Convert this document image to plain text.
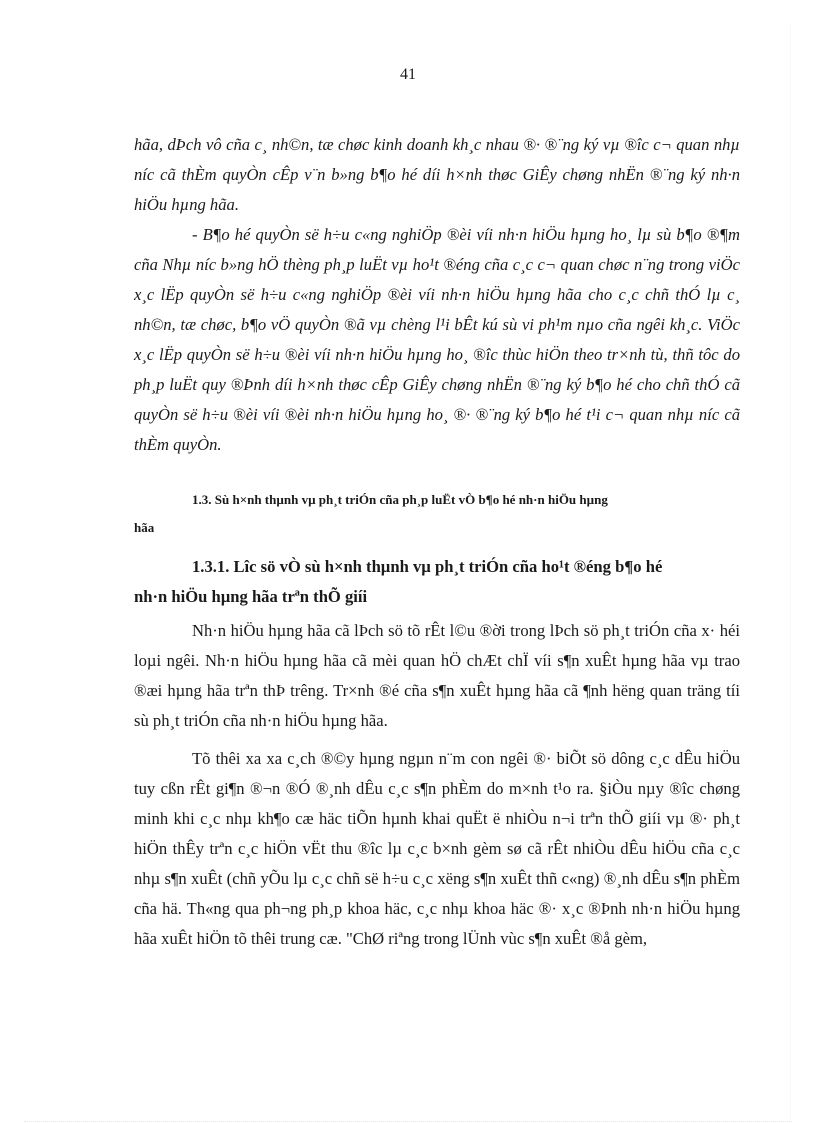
41

hãa, dÞch vô cña c¸ nh©n, tæ chøc kinh doanh kh¸c nhau ®· ®¨ng ký vµ ®îc c¬ quan nhµ níc cã thÈm quyÒn cÊp v¨n b»ng b¶o hé díi h×nh thøc GiÊy chøng nhËn ®¨ng ký nh·n hiÖu hµng hãa.

- B¶o hé quyÒn së h÷u c«ng nghiÖp ®èi víi nh·n hiÖu hµng ho¸ lµ sù b¶o ®¶m cña Nhµ níc b»ng hÖ thèng ph¸p luËt vµ ho¹t ®éng cña c¸c c¬ quan chøc n¨ng trong viÖc x¸c lËp quyÒn së h÷u c«ng nghiÖp ®èi víi nh·n hiÖu hµng hãa cho c¸c chñ thÓ lµ c¸ nh©n, tæ chøc, b¶o vÖ quyÒn ®ã vµ chèng l¹i bÊt kú sù vi ph¹m nµo cña ngêi kh¸c. ViÖc x¸c lËp quyÒn së h÷u ®èi víi nh·n hiÖu hµng ho¸ ®îc thùc hiÖn theo tr×nh tù, thñ tôc do ph¸p luËt quy ®Þnh díi h×nh thøc cÊp GiÊy chøng nhËn ®¨ng ký b¶o hé cho chñ thÓ cã quyÒn së h÷u ®èi víi ®èi nh·n hiÖu hµng ho¸ ®· ®¨ng ký b¶o hé t¹i c¬ quan nhµ níc cã thÈm quyÒn.

1.3. Sù h×nh thµnh vµ ph¸t triÓn cña ph¸p luËt vÒ b¶o hé nh·n hiÖu hµng
hãa
1.3.1. Lîc sö vÒ sù h×nh thµnh vµ ph¸t triÓn cña ho¹t ®éng b¶o hé
nh·n hiÖu hµng hãa trªn thÕ giíi

Nh·n hiÖu hµng hãa cã lÞch sö tõ rÊt l©u ®ời trong lÞch sö ph¸t triÓn cña x· héi loµi ngêi. Nh·n hiÖu hµng hãa cã mèi quan hÖ chÆt chÏ víi s¶n xuÊt hµng hãa vµ trao ®æi hµng hãa trªn thÞ trêng. Tr×nh ®é cña s¶n xuÊt hµng hãa cã ¶nh hëng quan träng tíi sù ph¸t triÓn cña nh·n hiÖu hµng hãa.

Tõ thêi xa xa c¸ch ®©y hµng ngµn n¨m con ngêi ®· biÕt sö dông c¸c dÊu hiÖu tuy cßn rÊt gi¶n ®¬n ®Ó ®¸nh dÊu c¸c s¶n phÈm do m×nh t¹o ra. §iÒu nµy ®îc chøng minh khi c¸c nhµ kh¶o cæ häc tiÕn hµnh khai quËt ë nhiÒu n¬i trªn thÕ giíi vµ ®· ph¸t hiÖn thÊy trªn c¸c hiÖn vËt thu ®îc lµ c¸c b×nh gèm sø cã rÊt nhiÒu dÊu hiÖu cña c¸c nhµ s¶n xuÊt (chñ yÕu lµ c¸c chñ së h÷u c¸c xëng s¶n xuÊt thñ c«ng) ®¸nh dÊu s¶n phÈm cña hä. Th«ng qua ph¬ng ph¸p khoa häc, c¸c nhµ khoa häc ®· x¸c ®Þnh nh·n hiÖu hµng hãa xuÊt hiÖn tõ thêi trung cæ. "ChØ riªng trong lÜnh vùc s¶n xuÊt ®å gèm,
